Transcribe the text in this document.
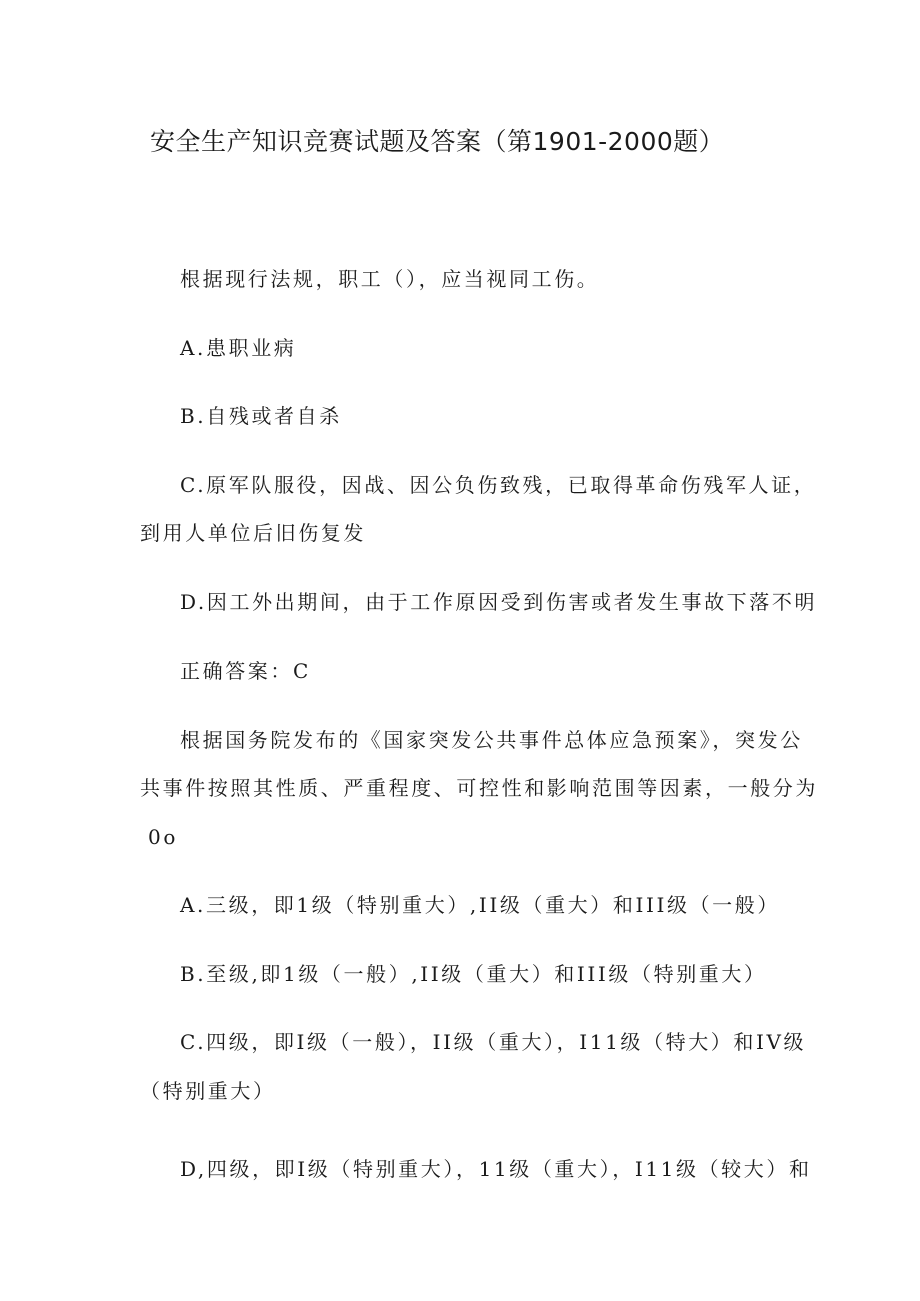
安全生产知识竞赛试题及答案（第1901-2000题）
根据现行法规，职工（），应当视同工伤。
A.患职业病
B.自残或者自杀
C.原军队服役，因战、因公负伤致残，已取得革命伤残军人证，
到用人单位后旧伤复发
D.因工外出期间，由于工作原因受到伤害或者发生事故下落不明
正确答案：C
根据国务院发布的《国家突发公共事件总体应急预案》，突发公
共事件按照其性质、严重程度、可控性和影响范围等因素，一般分为
0o
A.三级，即1级（特别重大）,II级（重大）和III级（一般）
B.至级,即1级（一般）,II级（重大）和III级（特别重大）
C.四级，即I级（一般），II级（重大），I11级（特大）和IV级
（特别重大）
D,四级，即I级（特别重大），11级（重大），I11级（较大）和
